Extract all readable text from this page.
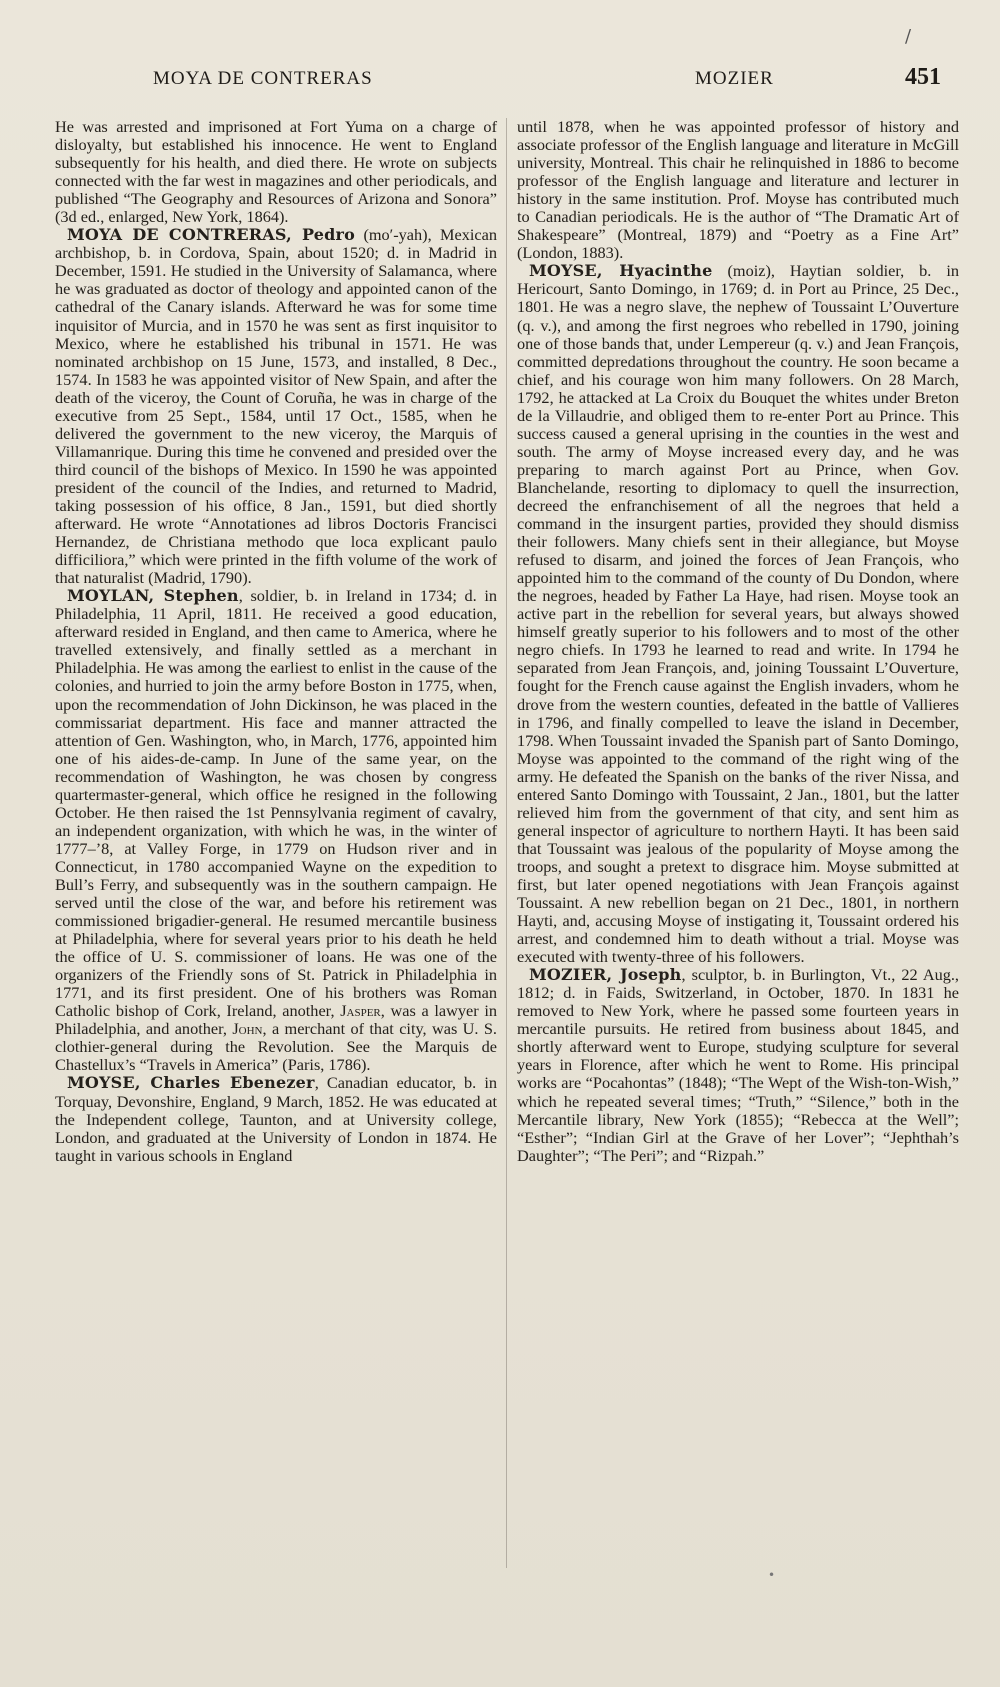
/
MOYA DE CONTRERAS	MOZIER	451

He was arrested and imprisoned at Fort Yuma on a charge of disloyalty, but established his innocence. He went to England subsequently for his health, and died there. He wrote on subjects connected with the far west in magazines and other periodicals, and published “The Geography and Resources of Arizona and Sonora” (3d ed., enlarged, New York, 1864).

MOYA DE CONTRERAS, Pedro (mo′-yah), Mexican archbishop, b. in Cordova, Spain, about 1520; d. in Madrid in December, 1591. He studied in the University of Salamanca, where he was graduated as doctor of theology and appointed canon of the cathedral of the Canary islands. Afterward he was for some time inquisitor of Murcia, and in 1570 he was sent as first inquisitor to Mexico, where he established his tribunal in 1571. He was nominated archbishop on 15 June, 1573, and installed, 8 Dec., 1574. In 1583 he was appointed visitor of New Spain, and after the death of the viceroy, the Count of Coruña, he was in charge of the executive from 25 Sept., 1584, until 17 Oct., 1585, when he delivered the government to the new viceroy, the Marquis of Villamanrique. During this time he convened and presided over the third council of the bishops of Mexico. In 1590 he was appointed president of the council of the Indies, and returned to Madrid, taking possession of his office, 8 Jan., 1591, but died shortly afterward. He wrote “Annotationes ad libros Doctoris Francisci Hernandez, de Christiana methodo que loca explicant paulo difficiliora,” which were printed in the fifth volume of the work of that naturalist (Madrid, 1790).

MOYLAN, Stephen, soldier, b. in Ireland in 1734; d. in Philadelphia, 11 April, 1811. He received a good education, afterward resided in England, and then came to America, where he travelled extensively, and finally settled as a merchant in Philadelphia. He was among the earliest to enlist in the cause of the colonies, and hurried to join the army before Boston in 1775, when, upon the recommendation of John Dickinson, he was placed in the commissariat department. His face and manner attracted the attention of Gen. Washington, who, in March, 1776, appointed him one of his aides-de-camp. In June of the same year, on the recommendation of Washington, he was chosen by congress quartermaster-general, which office he resigned in the following October. He then raised the 1st Pennsylvania regiment of cavalry, an independent organization, with which he was, in the winter of 1777–’8, at Valley Forge, in 1779 on Hudson river and in Connecticut, in 1780 accompanied Wayne on the expedition to Bull’s Ferry, and subsequently was in the southern campaign. He served until the close of the war, and before his retirement was commissioned brigadier-general. He resumed mercantile business at Philadelphia, where for several years prior to his death he held the office of U. S. commissioner of loans. He was one of the organizers of the Friendly sons of St. Patrick in Philadelphia in 1771, and its first president. One of his brothers was Roman Catholic bishop of Cork, Ireland, another, Jasper, was a lawyer in Philadelphia, and another, John, a merchant of that city, was U. S. clothier-general during the Revolution. See the Marquis de Chastellux’s “Travels in America” (Paris, 1786).

MOYSE, Charles Ebenezer, Canadian educator, b. in Torquay, Devonshire, England, 9 March, 1852. He was educated at the Independent college, Taunton, and at University college, London, and graduated at the University of London in 1874. He taught in various schools in England

until 1878, when he was appointed professor of history and associate professor of the English language and literature in McGill university, Montreal. This chair he relinquished in 1886 to become professor of the English language and literature and lecturer in history in the same institution. Prof. Moyse has contributed much to Canadian periodicals. He is the author of “The Dramatic Art of Shakespeare” (Montreal, 1879) and “Poetry as a Fine Art” (London, 1883).

MOYSE, Hyacinthe (moiz), Haytian soldier, b. in Hericourt, Santo Domingo, in 1769; d. in Port au Prince, 25 Dec., 1801. He was a negro slave, the nephew of Toussaint L’Ouverture (q. v.), and among the first negroes who rebelled in 1790, joining one of those bands that, under Lempereur (q. v.) and Jean François, committed depredations throughout the country. He soon became a chief, and his courage won him many followers. On 28 March, 1792, he attacked at La Croix du Bouquet the whites under Breton de la Villaudrie, and obliged them to re-enter Port au Prince. This success caused a general uprising in the counties in the west and south. The army of Moyse increased every day, and he was preparing to march against Port au Prince, when Gov. Blanchelande, resorting to diplomacy to quell the insurrection, decreed the enfranchisement of all the negroes that held a command in the insurgent parties, provided they should dismiss their followers. Many chiefs sent in their allegiance, but Moyse refused to disarm, and joined the forces of Jean François, who appointed him to the command of the county of Du Dondon, where the negroes, headed by Father La Haye, had risen. Moyse took an active part in the rebellion for several years, but always showed himself greatly superior to his followers and to most of the other negro chiefs. In 1793 he learned to read and write. In 1794 he separated from Jean François, and, joining Toussaint L’Ouverture, fought for the French cause against the English invaders, whom he drove from the western counties, defeated in the battle of Vallieres in 1796, and finally compelled to leave the island in December, 1798. When Toussaint invaded the Spanish part of Santo Domingo, Moyse was appointed to the command of the right wing of the army. He defeated the Spanish on the banks of the river Nissa, and entered Santo Domingo with Toussaint, 2 Jan., 1801, but the latter relieved him from the government of that city, and sent him as general inspector of agriculture to northern Hayti. It has been said that Toussaint was jealous of the popularity of Moyse among the troops, and sought a pretext to disgrace him. Moyse submitted at first, but later opened negotiations with Jean François against Toussaint. A new rebellion began on 21 Dec., 1801, in northern Hayti, and, accusing Moyse of instigating it, Toussaint ordered his arrest, and condemned him to death without a trial. Moyse was executed with twenty-three of his followers.

MOZIER, Joseph, sculptor, b. in Burlington, Vt., 22 Aug., 1812; d. in Faids, Switzerland, in October, 1870. In 1831 he removed to New York, where he passed some fourteen years in mercantile pursuits. He retired from business about 1845, and shortly afterward went to Europe, studying sculpture for several years in Florence, after which he went to Rome. His principal works are “Pocahontas” (1848); “The Wept of the Wish-ton-Wish,” which he repeated several times; “Truth,” “Silence,” both in the Mercantile library, New York (1855); “Rebecca at the Well”; “Esther”; “Indian Girl at the Grave of her Lover”; “Jephthah’s Daughter”; “The Peri”; and “Rizpah.”

•
